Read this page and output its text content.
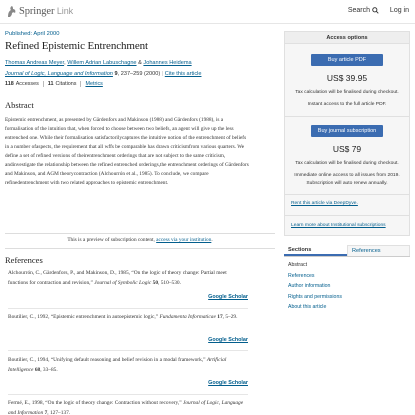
Springer Link	Search	Log in
Published: April 2000
Refined Epistemic Entrenchment
Thomas Andreas Meyer, Willem Adrian Labuschagne & Johannes Heidema
Journal of Logic, Language and Information 9, 237–259 (2000) | Cite this article
118 Accesses 11 Citations Metrics
Abstract

Epistemic entrenchment, as presented by Gärdenfors and Makinson (1988) and Gärdenfors (1988), is a formalisation of the intuition that, when forced to choose between two beliefs, an agent will give up the less entrenched one. While their formalisation satisfactorilycaptures the intuitive notion of the entrenchment of beliefs in a number ofaspects, the requirement that all wffs be comparable has drawn criticismfrom various quarters. We define a set of refined versions of theirentrenchment orderings that are not subject to the same criticism, andinvestigate the relationship between the refined entrenched orderings,the entrenchment orderings of Gärdenfors and Makinson, and AGM theorycontraction (Alchourrón et al., 1985). To conclude, we compare refinedentrenchment with two related approaches to epistemic entrenchment.

This is a preview of subscription content, access via your institution.
References
Alchourrón, C., Gärdenfors, P., and Makinson, D., 1985, “On the logic of theory change: Partial meet functions for contraction and revision,” Journal of Symbolic Logic 50, 510–530.
Google Scholar
Boutilier, C., 1992, “Epistemic entrenchment in autoepistemic logic,” Fundamenta Informaticae 17, 5–29.
Google Scholar
Boutilier, C., 1994, “Unifying default reasoning and belief revision in a modal framework,” Artificial Intelligence 68, 33–85.
Google Scholar
Fermé, E., 1998, “On the logic of theory change: Contraction without recovery,” Journal of Logic, Language and Information 7, 127–137.
Access options
Buy article PDF
US$ 39.95
Tax calculation will be finalised during checkout.
Instant access to the full article PDF.
Buy journal subscription
US$ 79
Tax calculation will be finalised during checkout.
Immediate online access to all issues from 2019. Subscription will auto renew annually.
Rent this article via DeepDyve.
Learn more about Institutional subscriptions
Sections	References
Abstract
References
Author information
Rights and permissions
About this article
